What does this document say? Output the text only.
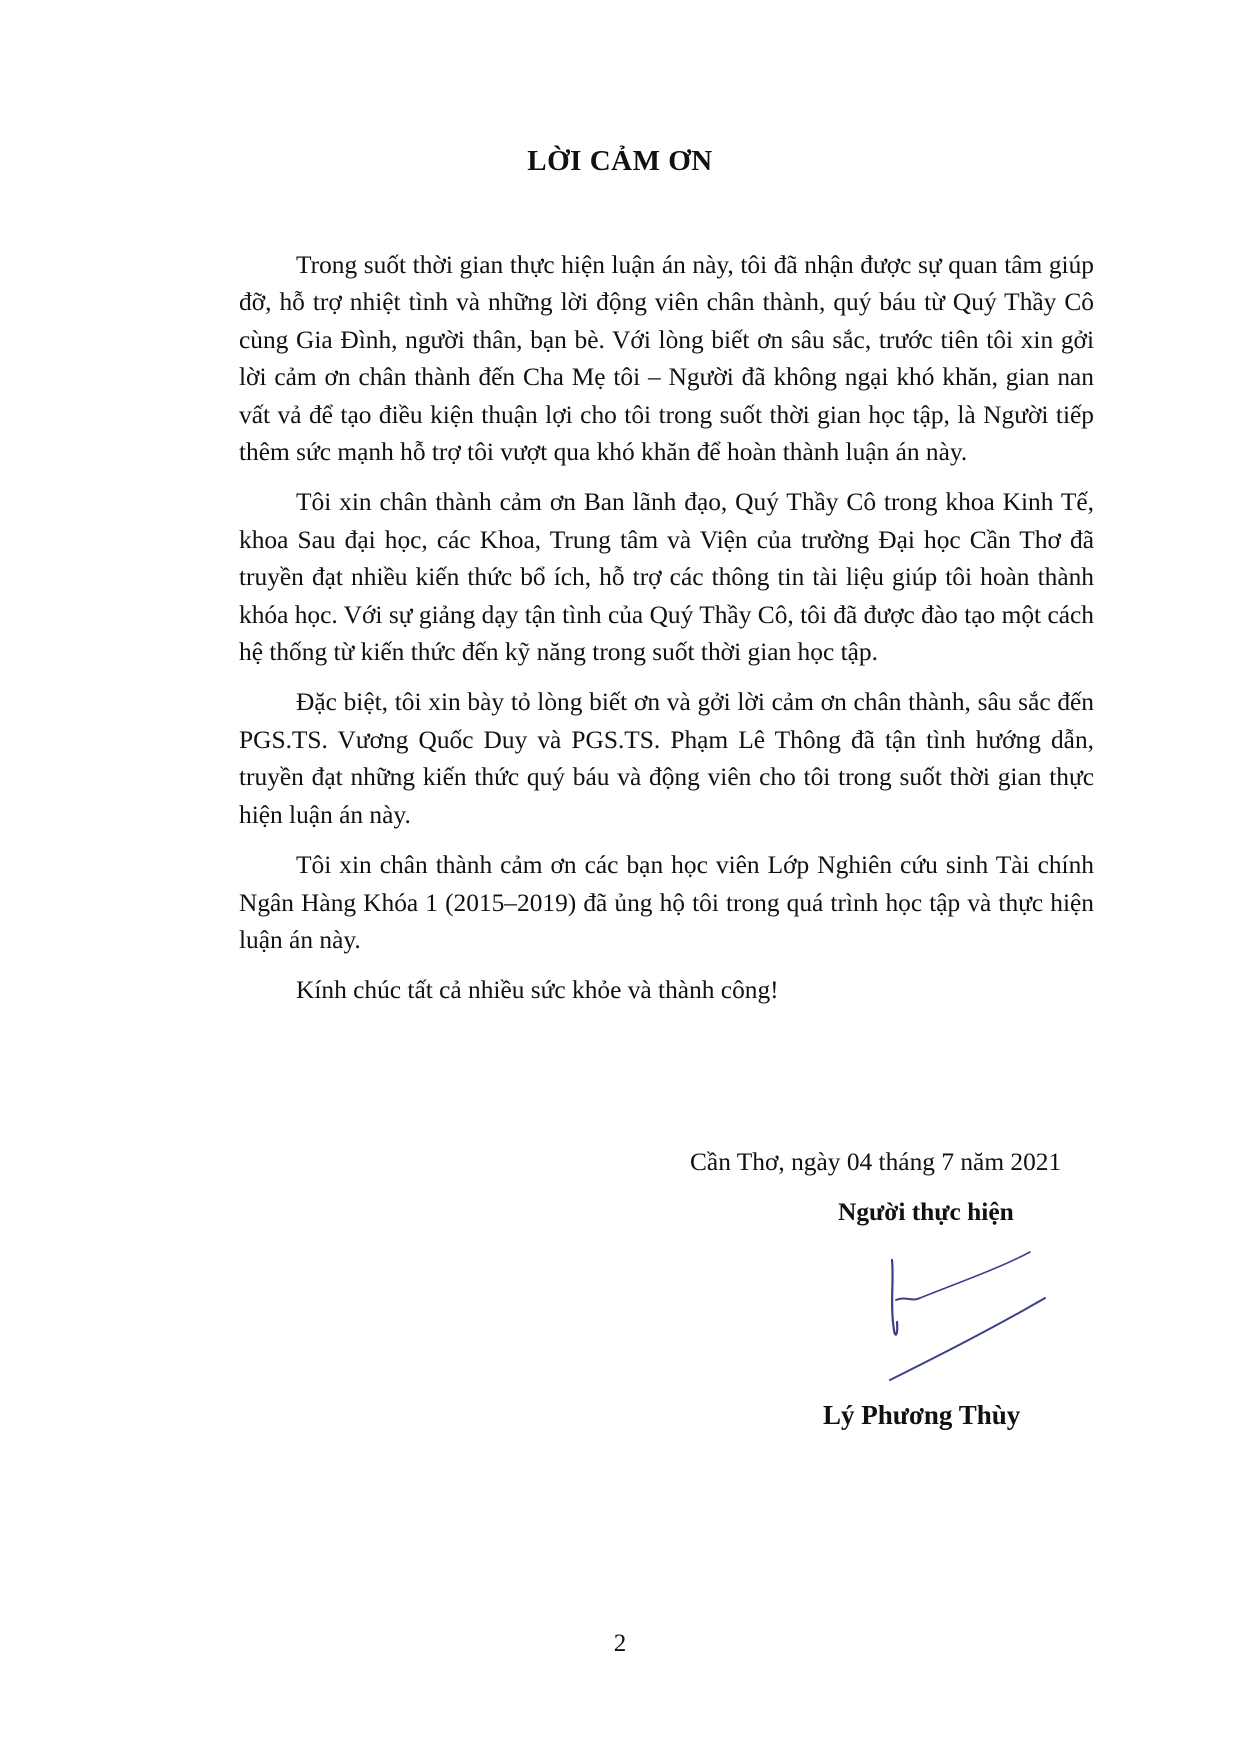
LỜI CẢM ƠN

Trong suốt thời gian thực hiện luận án này, tôi đã nhận được sự quan tâm giúp đỡ, hỗ trợ nhiệt tình và những lời động viên chân thành, quý báu từ Quý Thầy Cô cùng Gia Đình, người thân, bạn bè. Với lòng biết ơn sâu sắc, trước tiên tôi xin gởi lời cảm ơn chân thành đến Cha Mẹ tôi – Người đã không ngại khó khăn, gian nan vất vả để tạo điều kiện thuận lợi cho tôi trong suốt thời gian học tập, là Người tiếp thêm sức mạnh hỗ trợ tôi vượt qua khó khăn để hoàn thành luận án này.

Tôi xin chân thành cảm ơn Ban lãnh đạo, Quý Thầy Cô trong khoa Kinh Tế, khoa Sau đại học, các Khoa, Trung tâm và Viện của trường Đại học Cần Thơ đã truyền đạt nhiều kiến thức bổ ích, hỗ trợ các thông tin tài liệu giúp tôi hoàn thành khóa học. Với sự giảng dạy tận tình của Quý Thầy Cô, tôi đã được đào tạo một cách hệ thống từ kiến thức đến kỹ năng trong suốt thời gian học tập.

Đặc biệt, tôi xin bày tỏ lòng biết ơn và gởi lời cảm ơn chân thành, sâu sắc đến PGS.TS. Vương Quốc Duy và PGS.TS. Phạm Lê Thông đã tận tình hướng dẫn, truyền đạt những kiến thức quý báu và động viên cho tôi trong suốt thời gian thực hiện luận án này.

Tôi xin chân thành cảm ơn các bạn học viên Lớp Nghiên cứu sinh Tài chính Ngân Hàng Khóa 1 (2015–2019) đã ủng hộ tôi trong quá trình học tập và thực hiện luận án này.

Kính chúc tất cả nhiều sức khỏe và thành công!

Cần Thơ, ngày 04 tháng 7 năm 2021
Người thực hiện
Lý Phương Thùy
2
